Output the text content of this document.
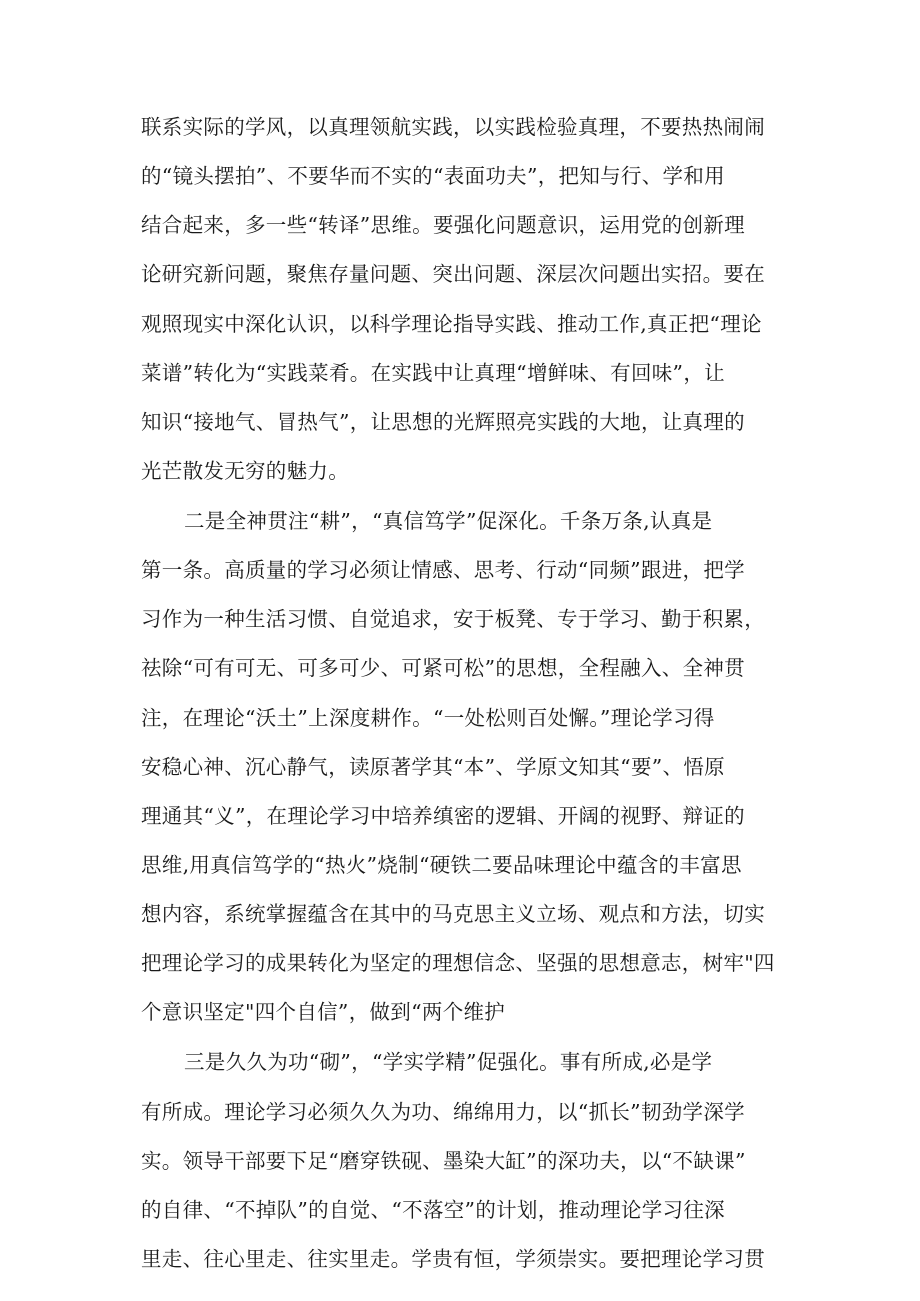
联系实际的学风，以真理领航实践，以实践检验真理，不要热热闹闹
的“镜头摆拍”、不要华而不实的“表面功夫”，把知与行、学和用
结合起来，多一些“转译”思维。要强化问题意识，运用党的创新理
论研究新问题，聚焦存量问题、突出问题、深层次问题出实招。要在
观照现实中深化认识，以科学理论指导实践、推动工作,真正把“理论
菜谱”转化为“实践菜肴。在实践中让真理“增鲜味、有回味”，让
知识“接地气、冒热气”，让思想的光辉照亮实践的大地，让真理的
光芒散发无穷的魅力。
二是全神贯注“耕”，“真信笃学”促深化。千条万条,认真是
第一条。高质量的学习必须让情感、思考、行动“同频”跟进，把学
习作为一种生活习惯、自觉追求，安于板凳、专于学习、勤于积累，
祛除“可有可无、可多可少、可紧可松”的思想，全程融入、全神贯
注，在理论“沃土”上深度耕作。“一处松则百处懈。”理论学习得
安稳心神、沉心静气，读原著学其“本”、学原文知其“要”、悟原
理通其“义”，在理论学习中培养缜密的逻辑、开阔的视野、辩证的
思维,用真信笃学的“热火”烧制“硬铁二要品味理论中蕴含的丰富思
想内容，系统掌握蕴含在其中的马克思主义立场、观点和方法，切实
把理论学习的成果转化为坚定的理想信念、坚强的思想意志，树牢"四
个意识坚定"四个自信”，做到“两个维护
三是久久为功“砌”，“学实学精”促强化。事有所成,必是学
有所成。理论学习必须久久为功、绵绵用力，以“抓长”韧劲学深学
实。领导干部要下足“磨穿铁砚、墨染大缸”的深功夫，以“不缺课”
的自律、“不掉队”的自觉、“不落空”的计划，推动理论学习往深
里走、往心里走、往实里走。学贵有恒，学须崇实。要把理论学习贯
